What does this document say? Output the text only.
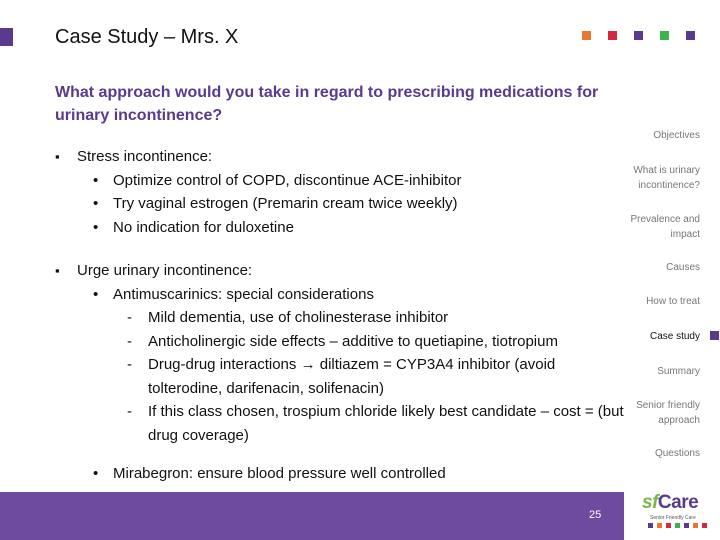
Case Study – Mrs. X
What approach would you take in regard to prescribing medications for urinary incontinence?
▪ Stress incontinence:
• Optimize control of COPD, discontinue ACE-inhibitor
• Try vaginal estrogen (Premarin cream twice weekly)
• No indication for duloxetine
▪ Urge urinary incontinence:
• Antimuscarinics: special considerations
- Mild dementia, use of cholinesterase inhibitor
- Anticholinergic side effects – additive to quetiapine, tiotropium
- Drug-drug interactions → diltiazem = CYP3A4 inhibitor (avoid tolterodine, darifenacin, solifenacin)
- If this class chosen, trospium chloride likely best candidate – cost = (but drug coverage)
• Mirabegron: ensure blood pressure well controlled
Objectives
What is urinary incontinence?
Prevalence and impact
Causes
How to treat
Case study
Summary
Senior friendly approach
Questions
25
sfCare
Senior Friendly Care
